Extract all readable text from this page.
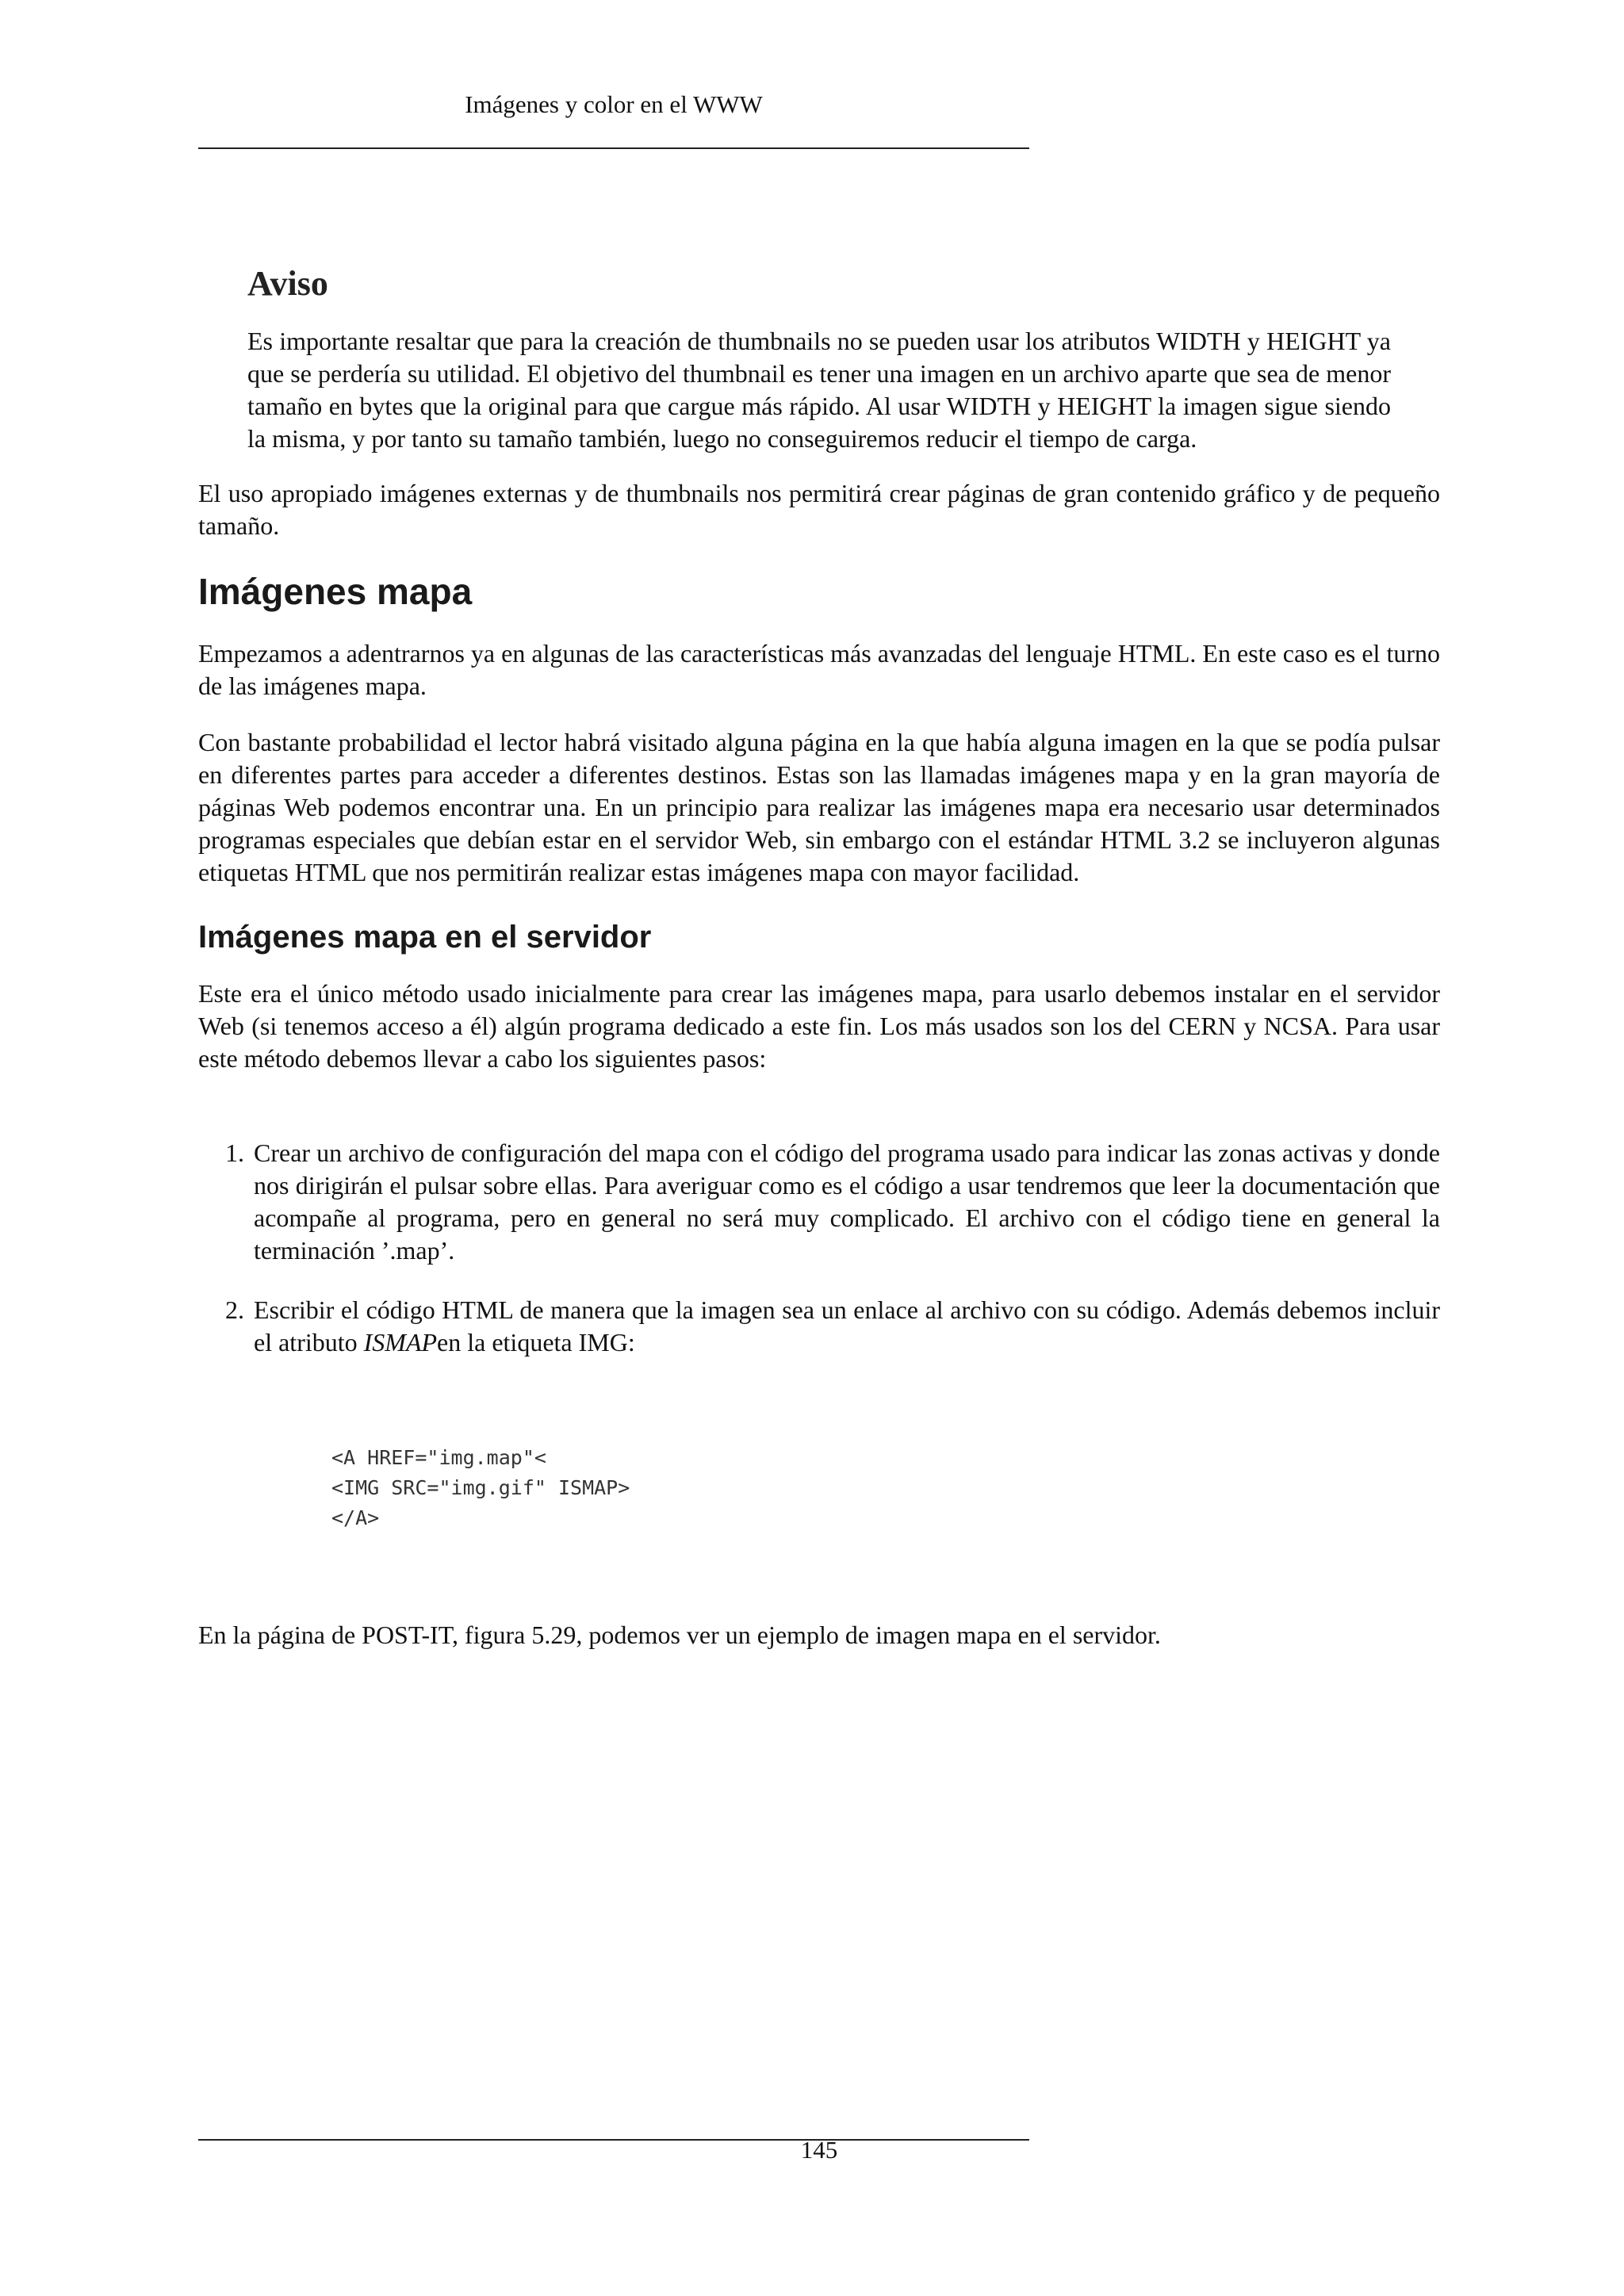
Imágenes y color en el WWW
Aviso

Es importante resaltar que para la creación de thumbnails no se pueden usar los atributos WIDTH y HEIGHT ya que se perdería su utilidad. El objetivo del thumbnail es tener una imagen en un archivo aparte que sea de menor tamaño en bytes que la original para que cargue más rápido. Al usar WIDTH y HEIGHT la imagen sigue siendo la misma, y por tanto su tamaño también, luego no conseguiremos reducir el tiempo de carga.

El uso apropiado imágenes externas y de thumbnails nos permitirá crear páginas de gran contenido gráfico y de pequeño tamaño.

Imágenes mapa

Empezamos a adentrarnos ya en algunas de las características más avanzadas del lenguaje HTML. En este caso es el turno de las imágenes mapa.

Con bastante probabilidad el lector habrá visitado alguna página en la que había alguna imagen en la que se podía pulsar en diferentes partes para acceder a diferentes destinos. Estas son las llamadas imágenes mapa y en la gran mayoría de páginas Web podemos encontrar una. En un principio para realizar las imágenes mapa era necesario usar determinados programas especiales que debían estar en el servidor Web, sin embargo con el estándar HTML 3.2 se incluyeron algunas etiquetas HTML que nos permitirán realizar estas imágenes mapa con mayor facilidad.

Imágenes mapa en el servidor

Este era el único método usado inicialmente para crear las imágenes mapa, para usarlo debemos instalar en el servidor Web (si tenemos acceso a él) algún programa dedicado a este fin. Los más usados son los del CERN y NCSA. Para usar este método debemos llevar a cabo los siguientes pasos:

1. Crear un archivo de configuración del mapa con el código del programa usado para indicar las zonas activas y donde nos dirigirán el pulsar sobre ellas. Para averiguar como es el código a usar tendremos que leer la documentación que acompañe al programa, pero en general no será muy complicado. El archivo con el código tiene en general la terminación ’.map’.

2. Escribir el código HTML de manera que la imagen sea un enlace al archivo con su código. Además debemos incluir el atributo ISMAPen la etiqueta IMG:

<A HREF="img.map"<
<IMG SRC="img.gif" ISMAP>
</A>

En la página de POST-IT, figura 5.29, podemos ver un ejemplo de imagen mapa en el servidor.

145
